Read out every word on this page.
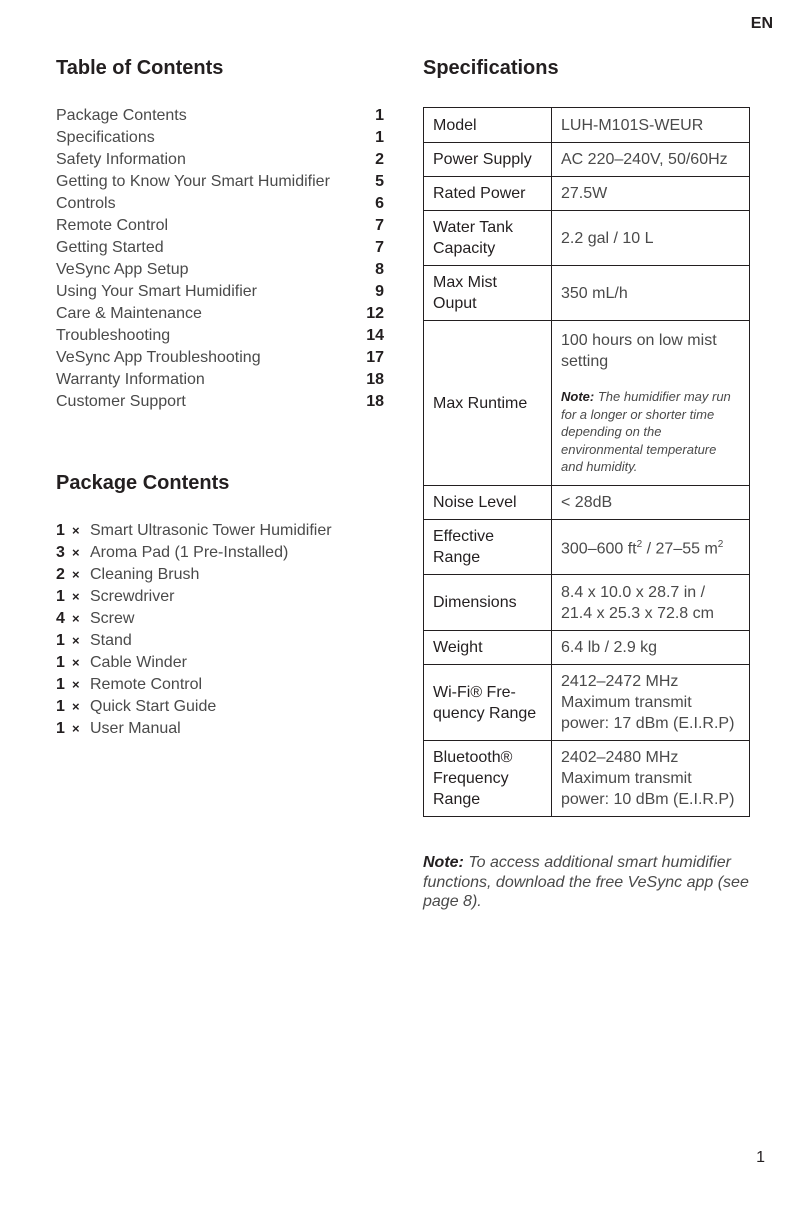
EN
Table of Contents
Package Contents	1
Specifications	1
Safety Information	2
Getting to Know Your Smart Humidifier	5
Controls	6
Remote Control	7
Getting Started	7
VeSync App Setup	8
Using Your Smart Humidifier	9
Care & Maintenance	12
Troubleshooting	14
VeSync App Troubleshooting	17
Warranty Information	18
Customer Support	18
Package Contents
1 × Smart Ultrasonic Tower Humidifier
3 × Aroma Pad (1 Pre-Installed)
2 × Cleaning Brush
1 × Screwdriver
4 × Screw
1 × Stand
1 × Cable Winder
1 × Remote Control
1 × Quick Start Guide
1 × User Manual
Specifications
Model	LUH-M101S-WEUR
Power Supply	AC 220–240V, 50/60Hz
Rated Power	27.5W
Water Tank Capacity	2.2 gal / 10 L
Max Mist Ouput	350 mL/h
Max Runtime	100 hours on low mist setting
Note: The humidifier may run for a longer or shorter time depending on the environmental temperature and humidity.

Noise Level	< 28dB
Effective Range	300–600 $ft^2 / 27-55$ $m^2$
Dimensions	8.4 x 10.0 x 28.7 in /
21.4 x 25.3 x 72.8 cm

Weight	6.4 lb / 2.9 kg
Wi-Fi® Fre-quency Range	2412–2472 MHz
Maximum transmit power: 17 dBm (E.I.R.P)

Bluetooth® Frequency Range	2402–2480 MHz
Maximum transmit power: 10 dBm (E.I.R.P)
Note: To access additional smart humidifier functions, download the free VeSync app (see page 8).
1
